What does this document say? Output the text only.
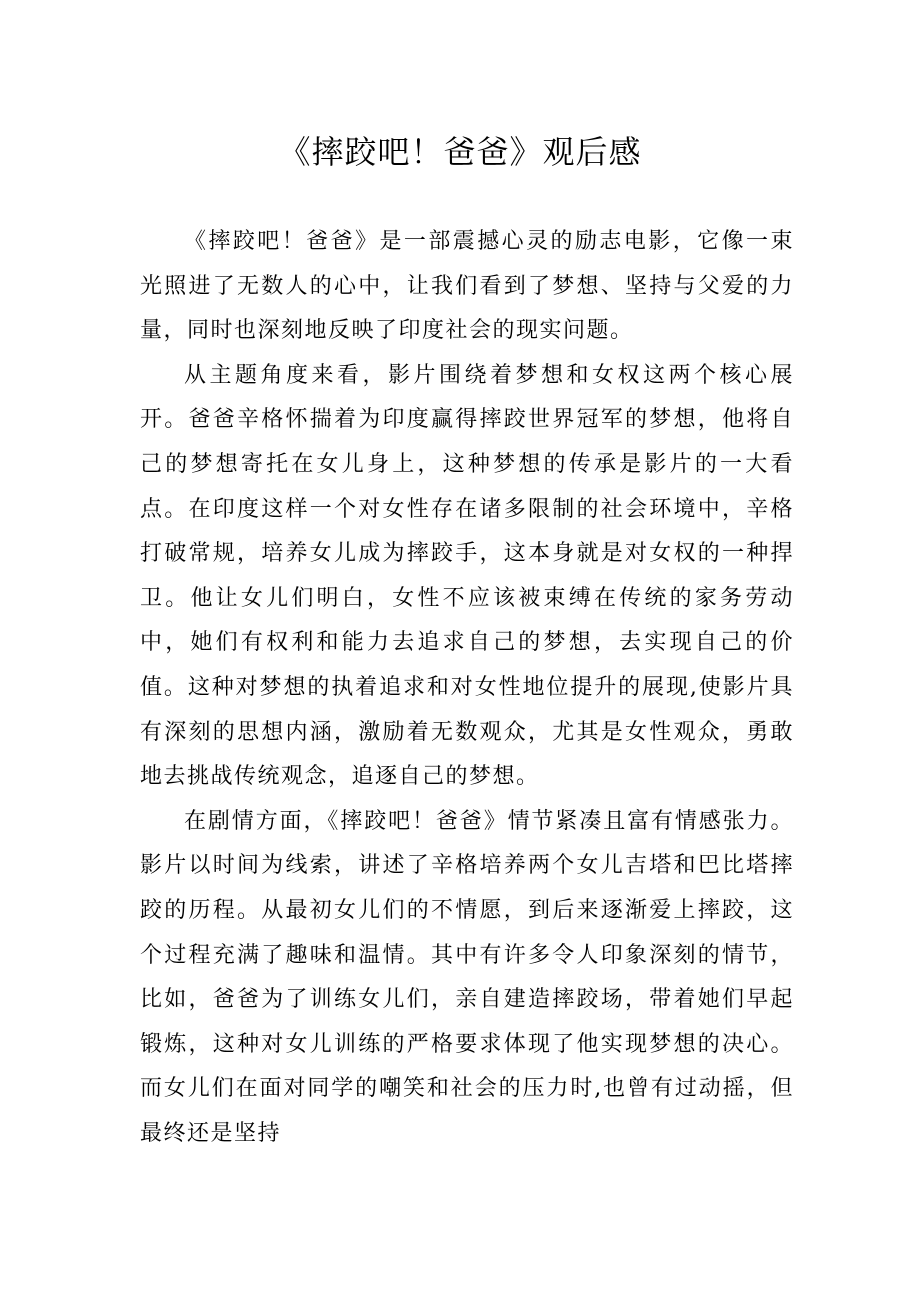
《摔跤吧！爸爸》观后感

《摔跤吧！爸爸》是一部震撼心灵的励志电影，它像一束光照进了无数人的心中，让我们看到了梦想、坚持与父爱的力量，同时也深刻地反映了印度社会的现实问题。

从主题角度来看，影片围绕着梦想和女权这两个核心展开。爸爸辛格怀揣着为印度赢得摔跤世界冠军的梦想，他将自己的梦想寄托在女儿身上，这种梦想的传承是影片的一大看点。在印度这样一个对女性存在诸多限制的社会环境中，辛格打破常规，培养女儿成为摔跤手，这本身就是对女权的一种捍卫。他让女儿们明白，女性不应该被束缚在传统的家务劳动中，她们有权利和能力去追求自己的梦想，去实现自己的价值。这种对梦想的执着追求和对女性地位提升的展现,使影片具有深刻的思想内涵，激励着无数观众，尤其是女性观众，勇敢地去挑战传统观念，追逐自己的梦想。

在剧情方面，《摔跤吧！爸爸》情节紧凑且富有情感张力。影片以时间为线索，讲述了辛格培养两个女儿吉塔和巴比塔摔跤的历程。从最初女儿们的不情愿，到后来逐渐爱上摔跤，这个过程充满了趣味和温情。其中有许多令人印象深刻的情节，比如，爸爸为了训练女儿们，亲自建造摔跤场，带着她们早起锻炼，这种对女儿训练的严格要求体现了他实现梦想的决心。而女儿们在面对同学的嘲笑和社会的压力时,也曾有过动摇，但最终还是坚持
